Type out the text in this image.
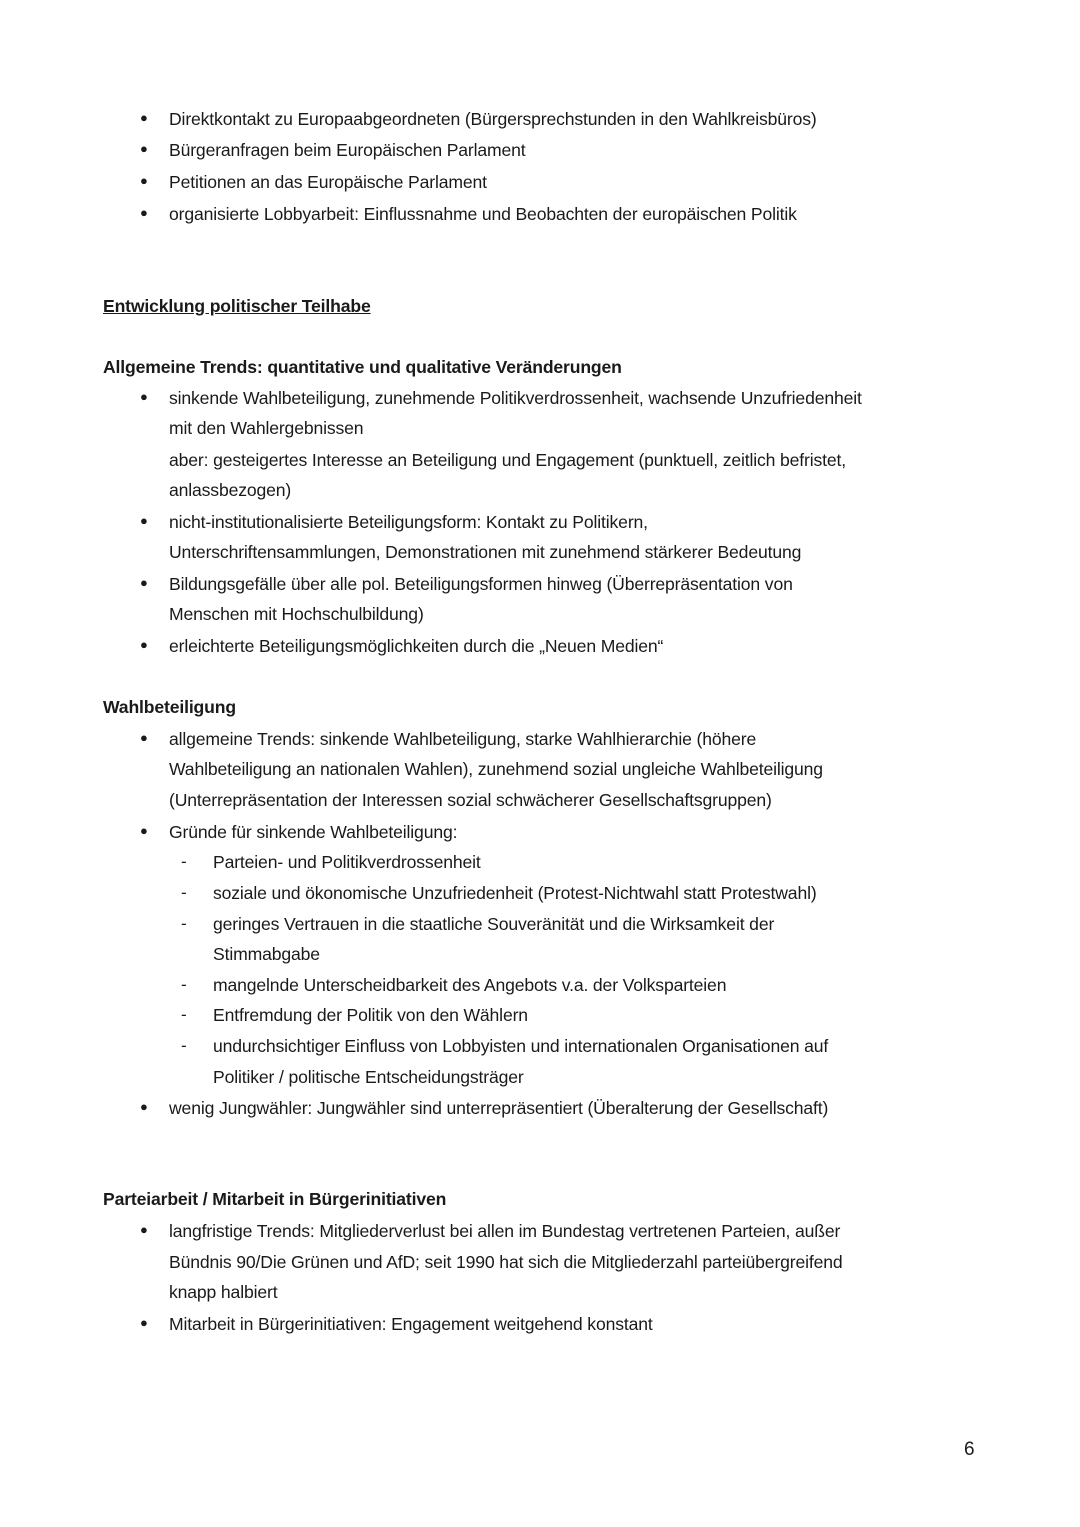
6
● Direktkontakt zu Europaabgeordneten (Bürgersprechstunden in den Wahlkreisbüros)
● Bürgeranfragen beim Europäischen Parlament
● Petitionen an das Europäische Parlament
● organisierte Lobbyarbeit: Einflussnahme und Beobachten der europäischen Politik
Entwicklung politischer Teilhabe
Allgemeine Trends: quantitative und qualitative Veränderungen
● sinkende Wahlbeteiligung, zunehmende Politikverdrossenheit, wachsende Unzufriedenheit
mit den Wahlergebnissen
aber: gesteigertes Interesse an Beteiligung und Engagement (punktuell, zeitlich befristet,
anlassbezogen)
● nicht-institutionalisierte Beteiligungsform: Kontakt zu Politikern,
Unterschriftensammlungen, Demonstrationen mit zunehmend stärkerer Bedeutung
● Bildungsgefälle über alle pol. Beteiligungsformen hinweg (Überrepräsentation von
Menschen mit Hochschulbildung)
● erleichterte Beteiligungsmöglichkeiten durch die „Neuen Medien“
Wahlbeteiligung
● allgemeine Trends: sinkende Wahlbeteiligung, starke Wahlhierarchie (höhere
Wahlbeteiligung an nationalen Wahlen), zunehmend sozial ungleiche Wahlbeteiligung
(Unterrepräsentation der Interessen sozial schwächerer Gesellschaftsgruppen)
● Gründe für sinkende Wahlbeteiligung:
- Parteien- und Politikverdrossenheit
- soziale und ökonomische Unzufriedenheit (Protest-Nichtwahl statt Protestwahl)
- geringes Vertrauen in die staatliche Souveränität und die Wirksamkeit der
Stimmabgabe
- mangelnde Unterscheidbarkeit des Angebots v.a. der Volksparteien
- Entfremdung der Politik von den Wählern
- undurchsichtiger Einfluss von Lobbyisten und internationalen Organisationen auf
Politiker / politische Entscheidungsträger
● wenig Jungwähler: Jungwähler sind unterrepräsentiert (Überalterung der Gesellschaft)
Parteiarbeit / Mitarbeit in Bürgerinitiativen
● langfristige Trends: Mitgliederverlust bei allen im Bundestag vertretenen Parteien, außer
Bündnis 90/Die Grünen und AfD; seit 1990 hat sich die Mitgliederzahl parteiübergreifend
knapp halbiert
● Mitarbeit in Bürgerinitiativen: Engagement weitgehend konstant
